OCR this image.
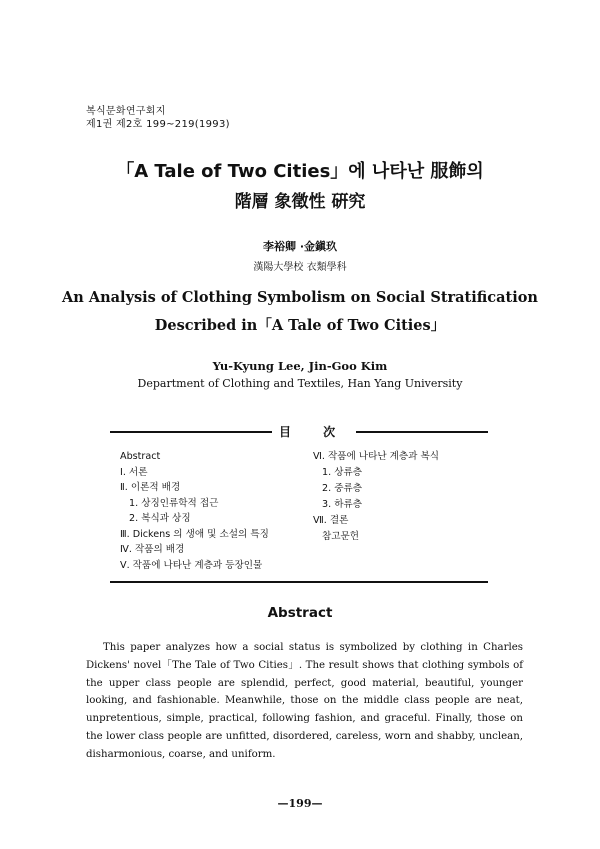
복식문화연구회지
제1권 제2호 199~219(1993)
「A Tale of Two Cities」에 나타난 服飾의
階層 象徵性 硏究
李裕卿 ·金鎭玖
漢陽大學校 衣類學科
An Analysis of Clothing Symbolism on Social Stratification
Described in「A Tale of Two Cities」
Yu-Kyung Lee, Jin-Goo Kim
Department of Clothing and Textiles, Han Yang University
目 次
Abstract
Ⅰ. 서론
Ⅱ. 이론적 배경
1. 상징인류학적 접근
2. 복식과 상징
Ⅲ. Dickens 의 생애 및 소설의 특징
Ⅳ. 작품의 배경
Ⅴ. 작품에 나타난 계층과 등장인물
Ⅵ. 작품에 나타난 계층과 복식
1. 상류층
2. 중류층
3. 하류층
Ⅶ. 결론
참고문헌
Abstract
This paper analyzes how a social status is symbolized by clothing in Charles Dickens' novel「The Tale of Two Cities」. The result shows that clothing symbols of the upper class people are splendid, perfect, good material, beautiful, younger looking, and fashionable. Meanwhile, those on the middle class people are neat, unpretentious, simple, practical, following fashion, and graceful. Finally, those on the lower class people are unfitted, disordered, careless, worn and shabby, unclean, disharmonious, coarse, and uniform.
—199—
